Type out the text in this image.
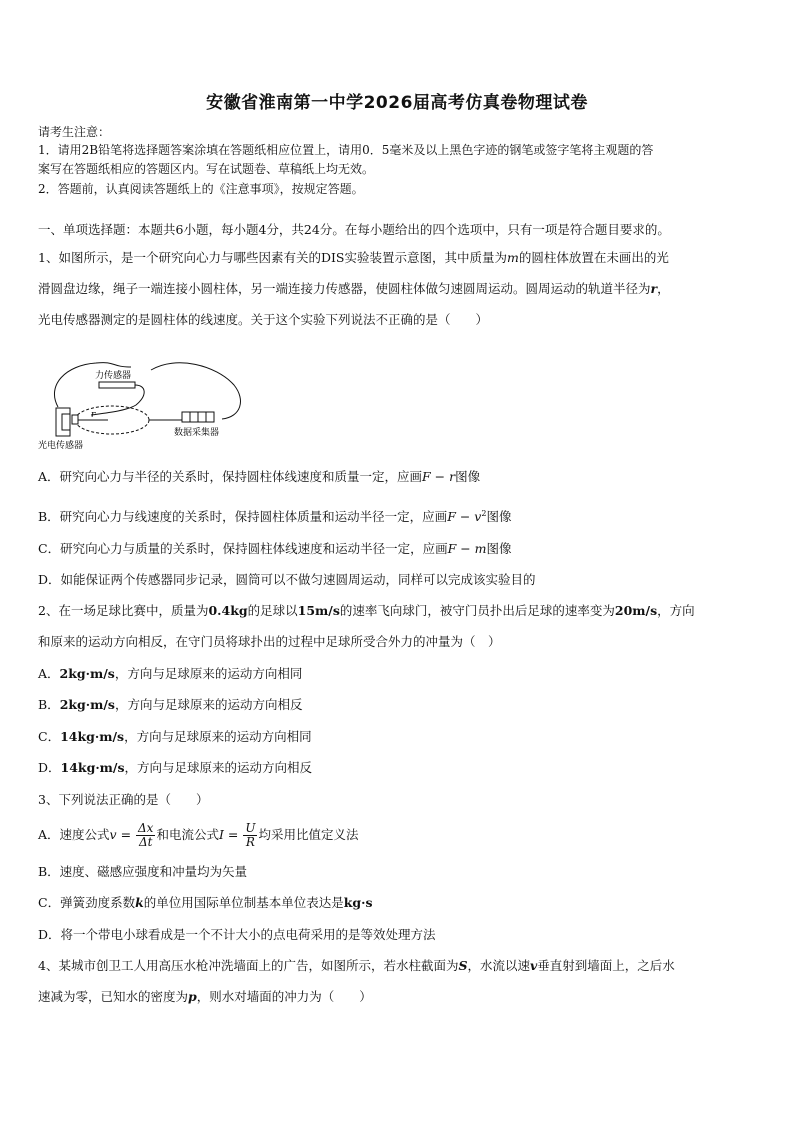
安徽省淮南第一中学2026届高考仿真卷物理试卷
请考生注意：
1．请用2B铅笔将选择题答案涂填在答题纸相应位置上，请用0．5毫米及以上黑色字迹的钢笔或签字笔将主观题的答
案写在答题纸相应的答题区内。写在试题卷、草稿纸上均无效。
2．答题前，认真阅读答题纸上的《注意事项》，按规定答题。
一、单项选择题：本题共6小题，每小题4分，共24分。在每小题给出的四个选项中，只有一项是符合题目要求的。
1、如图所示，是一个研究向心力与哪些因素有关的DIS实验装置示意图，其中质量为m的圆柱体放置在未画出的光
滑圆盘边缘，绳子一端连接小圆柱体，另一端连接力传感器，使圆柱体做匀速圆周运动。圆周运动的轨道半径为r，
光电传感器测定的是圆柱体的线速度。关于这个实验下列说法不正确的是（　　）
力传感器
r
光电传感器
数据采集器
A．研究向心力与半径的关系时，保持圆柱体线速度和质量一定，应画F − r图像
B．研究向心力与线速度的关系时，保持圆柱体质量和运动半径一定，应画$F - v^2$图像
C．研究向心力与质量的关系时，保持圆柱体线速度和运动半径一定，应画F − m图像
D．如能保证两个传感器同步记录，圆筒可以不做匀速圆周运动，同样可以完成该实验目的
2、在一场足球比赛中，质量为0.4kg的足球以15m/s的速率飞向球门，被守门员扑出后足球的速率变为20m/s，方向
和原来的运动方向相反，在守门员将球扑出的过程中足球所受合外力的冲量为（　）
A．2kg·m/s，方向与足球原来的运动方向相同
B．2kg·m/s，方向与足球原来的运动方向相反
C．14kg·m/s，方向与足球原来的运动方向相同
D．14kg·m/s，方向与足球原来的运动方向相反
3、下列说法正确的是（　　）
A．速度公式$v = \frac{\Delta x}{\Delta t}$ 和电流公式$I = \frac{U}{R}$ 均采用比值定义法
B．速度、磁感应强度和冲量均为矢量
C．弹簧劲度系数k的单位用国际单位制基本单位表达是kg·s
D．将一个带电小球看成是一个不计大小的点电荷采用的是等效处理方法
4、某城市创卫工人用高压水枪冲洗墙面上的广告，如图所示，若水柱截面为S，水流以速v垂直射到墙面上，之后水
速减为零，已知水的密度为p，则水对墙面的冲力为（　　）
